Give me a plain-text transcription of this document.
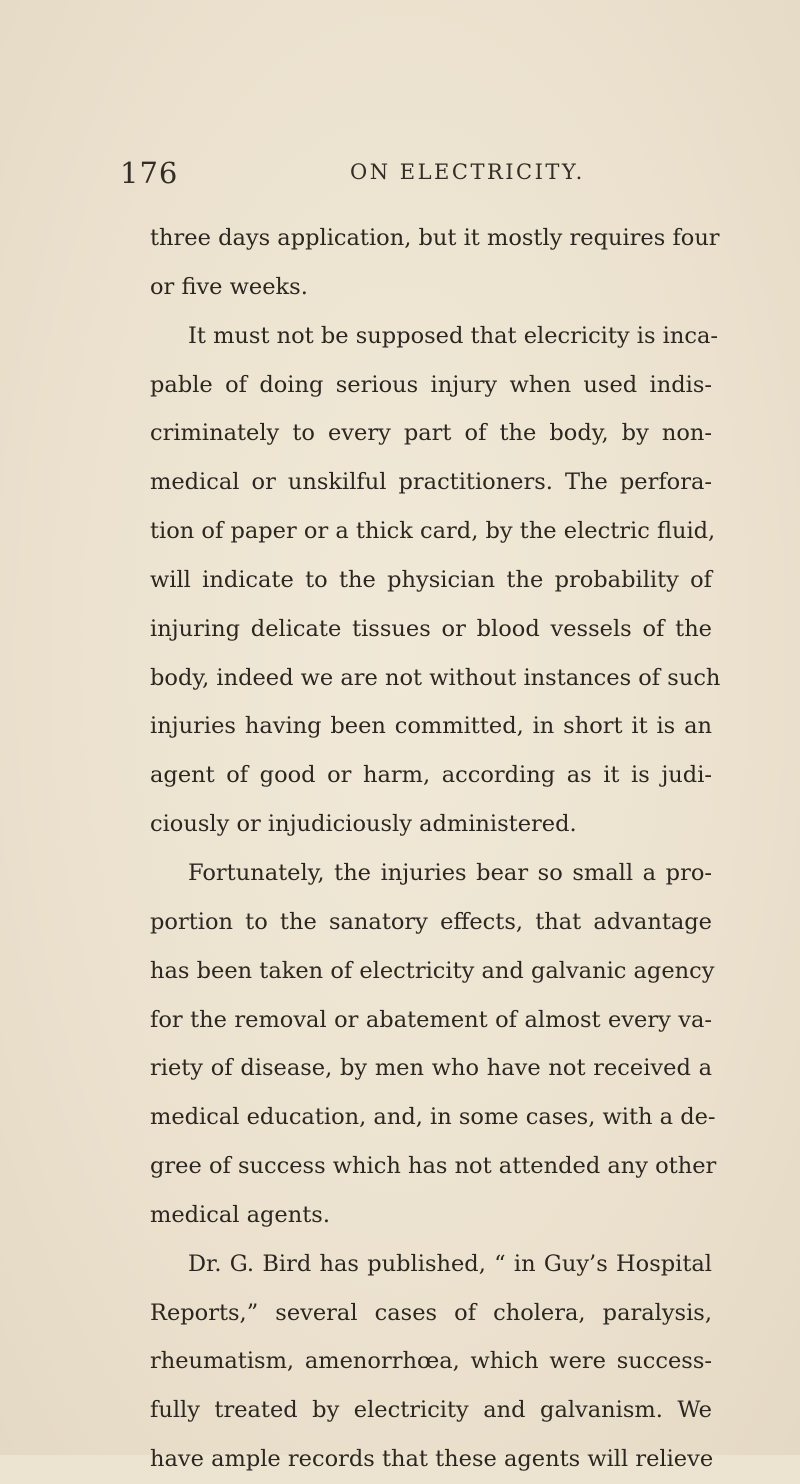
176	ON ELECTRICITY.
three days application, but it mostly requires four
or five weeks.
It must not be supposed that elecricity is inca-
pable of doing serious injury when used indis-
criminately to every part of the body, by non-
medical or unskilful practitioners. The perfora-
tion of paper or a thick card, by the electric fluid,
will indicate to the physician the probability of
injuring delicate tissues or blood vessels of the
body, indeed we are not without instances of such
injuries having been committed, in short it is an
agent of good or harm, according as it is judi-
ciously or injudiciously administered.
Fortunately, the injuries bear so small a pro-
portion to the sanatory effects, that advantage
has been taken of electricity and galvanic agency
for the removal or abatement of almost every va-
riety of disease, by men who have not received a
medical education, and, in some cases, with a de-
gree of success which has not attended any other
medical agents.
Dr. G. Bird has published, “ in Guy’s Hospital
Reports,” several cases of cholera, paralysis,
rheumatism, amenorrhœa, which were success-
fully treated by electricity and galvanism. We
have ample records that these agents will relieve
